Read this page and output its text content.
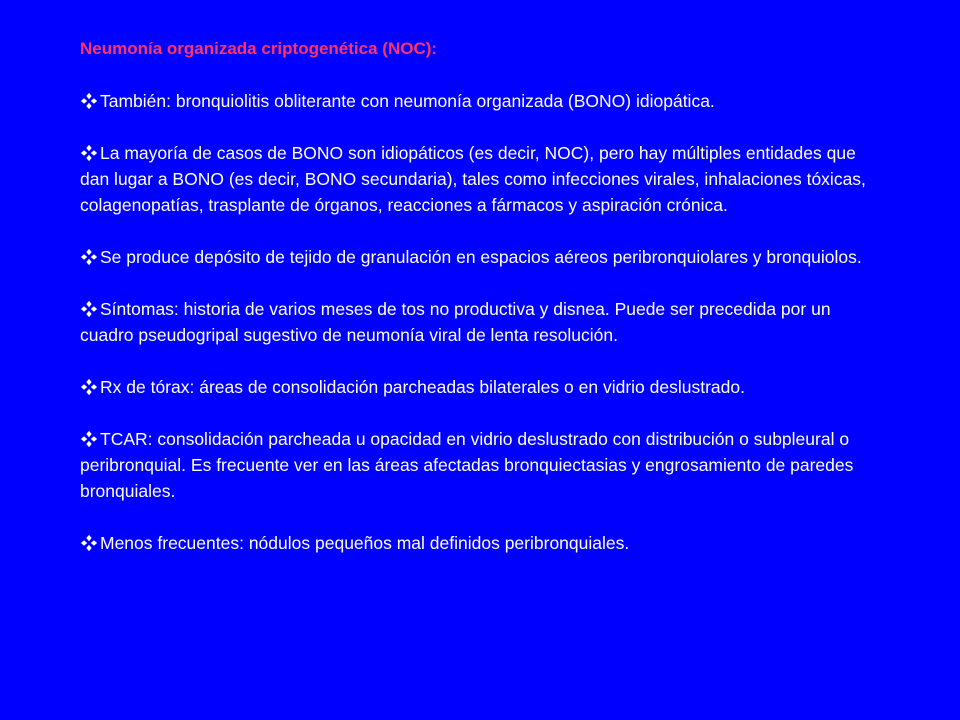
Neumonía organizada criptogenética (NOC):
También: bronquiolitis obliterante con neumonía organizada (BONO) idiopática.
La mayoría de casos de BONO son idiopáticos (es decir, NOC), pero hay múltiples entidades que dan lugar a BONO (es decir, BONO secundaria), tales como infecciones virales, inhalaciones tóxicas, colagenopatías, trasplante de órganos, reacciones a fármacos y aspiración crónica.
Se produce depósito de tejido de granulación en espacios aéreos peribronquiolares y bronquiolos.
Síntomas: historia de varios meses de tos no productiva y disnea. Puede ser precedida por un cuadro pseudogripal sugestivo de neumonía viral de lenta resolución.
Rx de tórax: áreas de consolidación parcheadas bilaterales o en vidrio deslustrado.
TCAR: consolidación parcheada u opacidad en vidrio deslustrado con distribución o subpleural o peribronquial. Es frecuente ver en las áreas afectadas bronquiectasias y engrosamiento de paredes bronquiales.
Menos frecuentes: nódulos pequeños mal definidos peribronquiales.
